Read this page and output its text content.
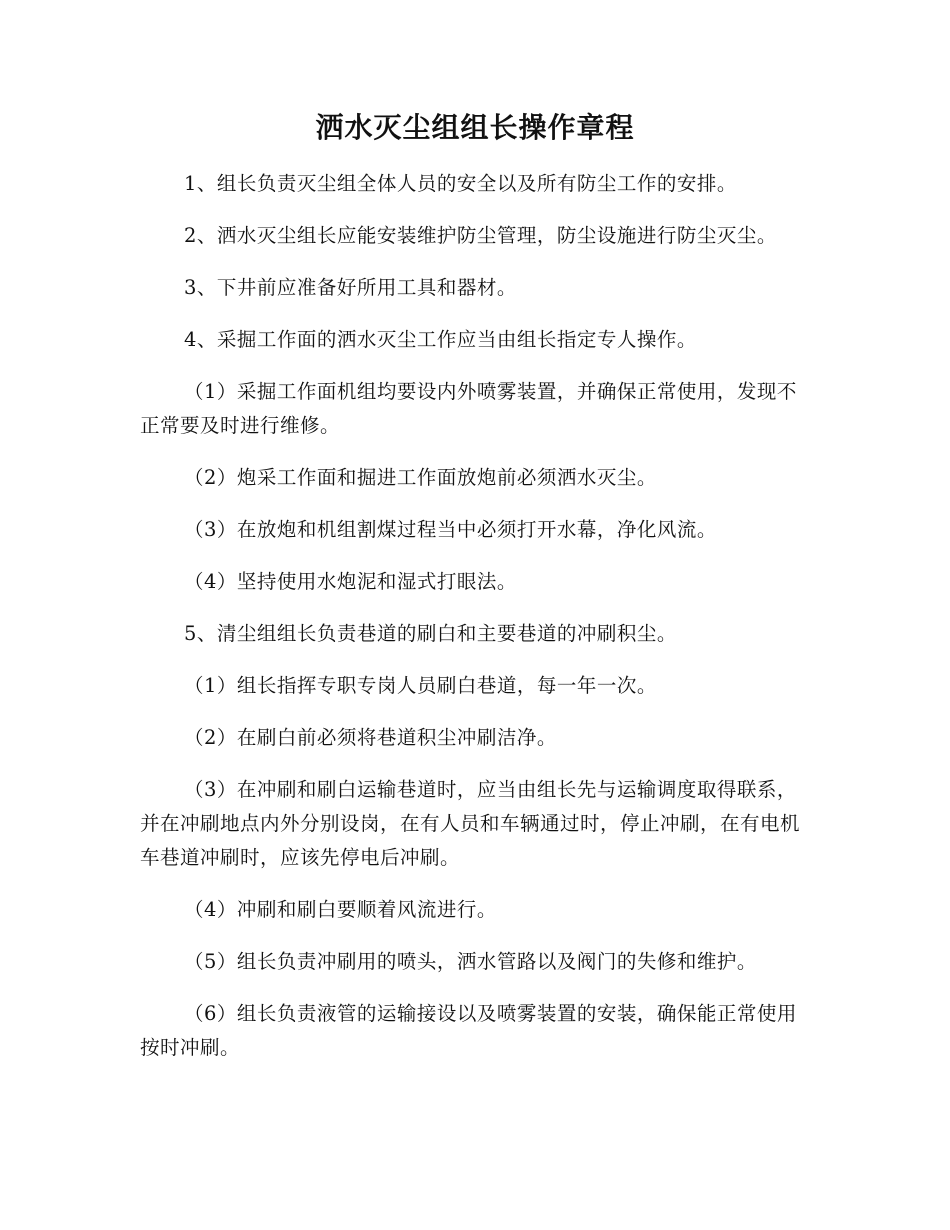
洒水灭尘组组长操作章程

1、组长负责灭尘组全体人员的安全以及所有防尘工作的安排。

2、洒水灭尘组长应能安装维护防尘管理，防尘设施进行防尘灭尘。

3、下井前应准备好所用工具和器材。

4、采掘工作面的洒水灭尘工作应当由组长指定专人操作。

（1）采掘工作面机组均要设内外喷雾装置，并确保正常使用，发现不正常要及时进行维修。

（2）炮采工作面和掘进工作面放炮前必须洒水灭尘。

（3）在放炮和机组割煤过程当中必须打开水幕，净化风流。

（4）坚持使用水炮泥和湿式打眼法。

5、清尘组组长负责巷道的刷白和主要巷道的冲刷积尘。

（1）组长指挥专职专岗人员刷白巷道，每一年一次。

（2）在刷白前必须将巷道积尘冲刷洁净。

（3）在冲刷和刷白运输巷道时，应当由组长先与运输调度取得联系，并在冲刷地点内外分别设岗，在有人员和车辆通过时，停止冲刷，在有电机车巷道冲刷时，应该先停电后冲刷。

（4）冲刷和刷白要顺着风流进行。

（5）组长负责冲刷用的喷头，洒水管路以及阀门的失修和维护。

（6）组长负责液管的运输接设以及喷雾装置的安装，确保能正常使用按时冲刷。
